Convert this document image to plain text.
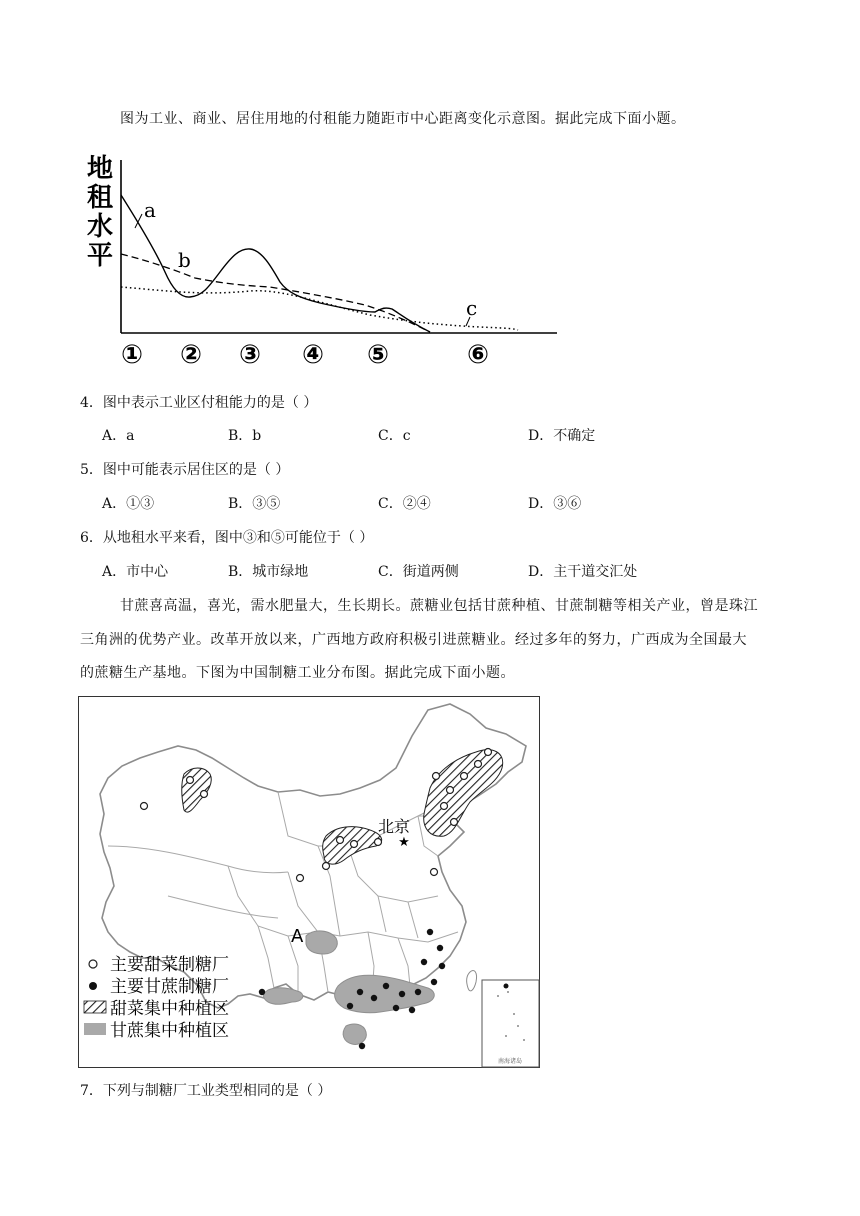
图为工业、商业、居住用地的付租能力随距市中心距离变化示意图。据此完成下面小题。
地
租
水
平
a
b
c
① ② ③ ④ ⑤	⑥
4．图中表示工业区付租能力的是（ ）
A．a	B．b	C．c	D．不确定
5．图中可能表示居住区的是（ ）
A．①③	B．③⑤	C．②④	D．③⑥
6．从地租水平来看，图中③和⑤可能位于（ ）
A．市中心	B．城市绿地	C．街道两侧	D．主干道交汇处
甘蔗喜高温，喜光，需水肥量大，生长期长。蔗糖业包括甘蔗种植、甘蔗制糖等相关产业，曾是珠江
三角洲的优势产业。改革开放以来，广西地方政府积极引进蔗糖业。经过多年的努力，广西成为全国最大
的蔗糖生产基地。下图为中国制糖工业分布图。据此完成下面小题。
北京
★
A
南海诸岛
主要甜菜制糖厂
主要甘蔗制糖厂
甜菜集中种植区
甘蔗集中种植区
7．下列与制糖厂工业类型相同的是（ ）
